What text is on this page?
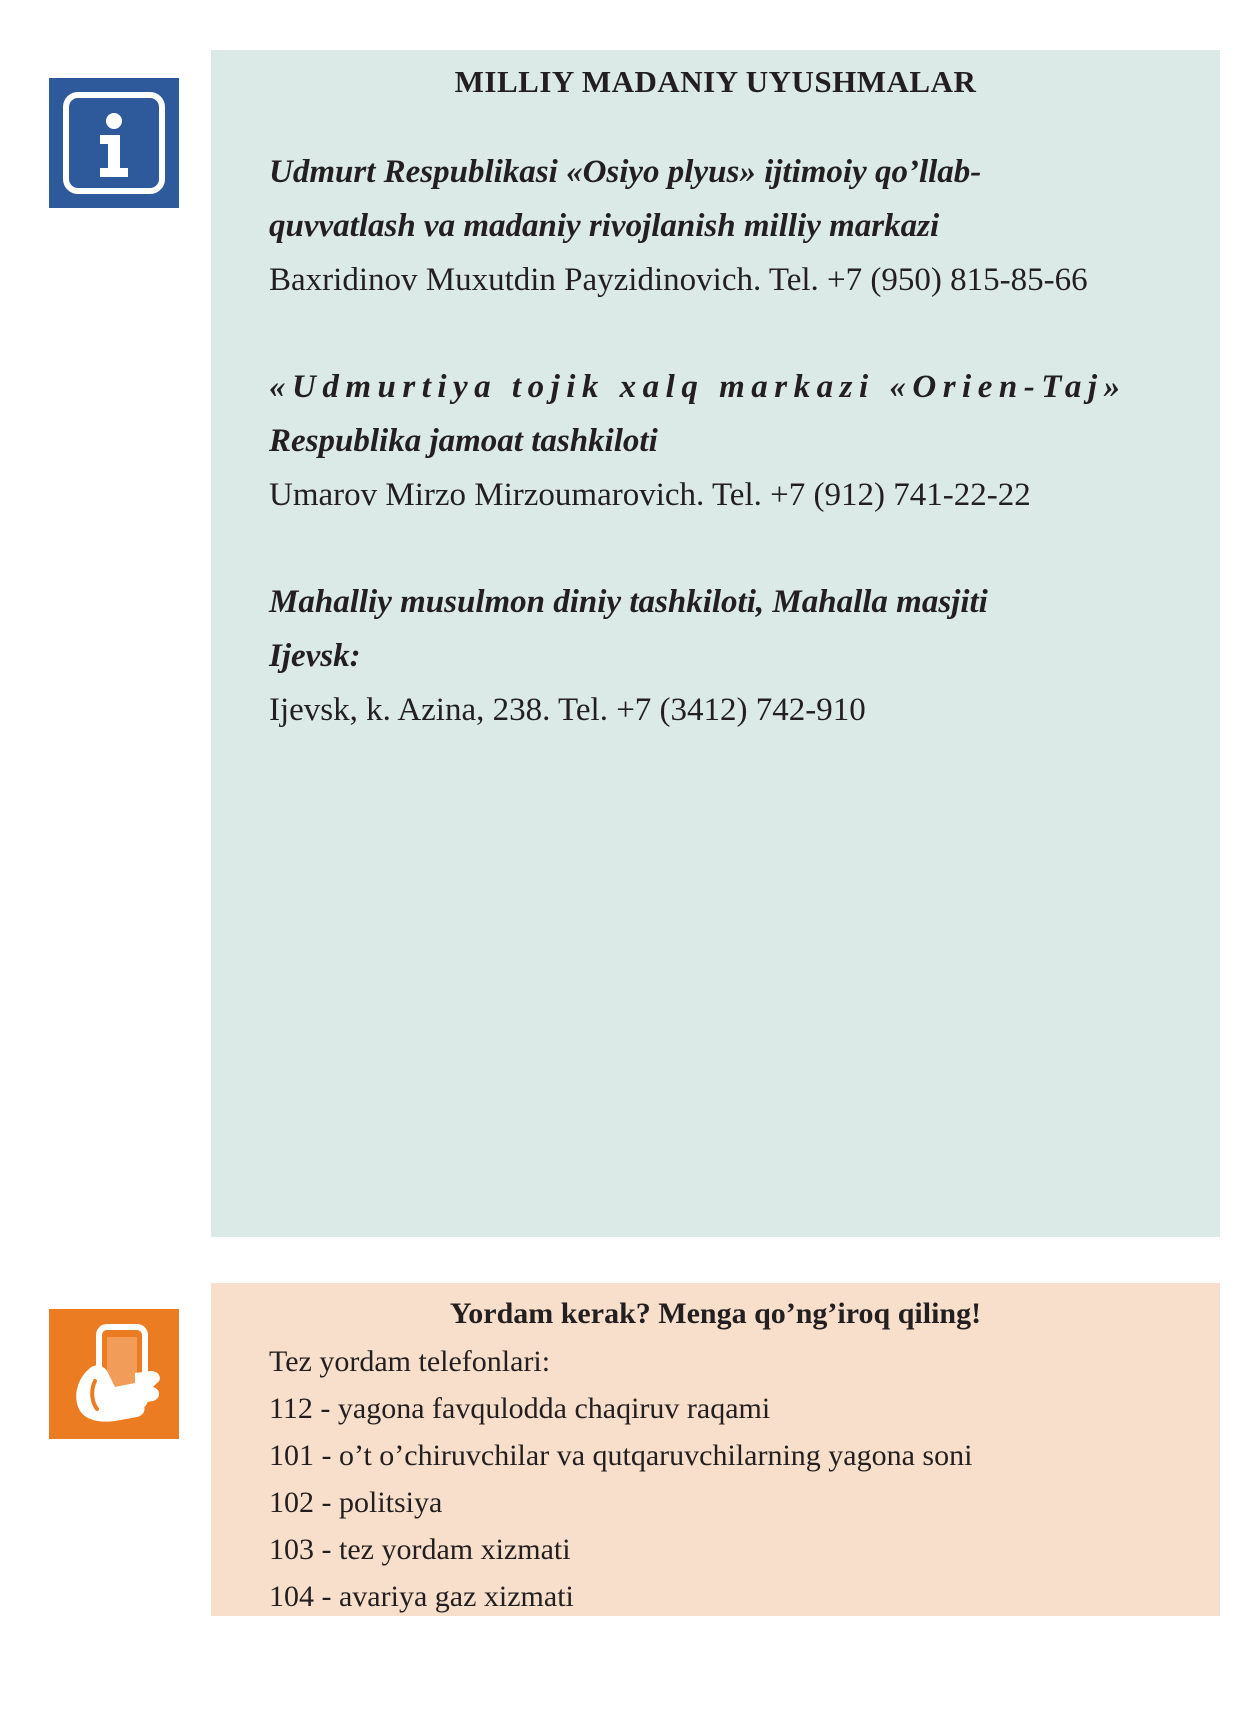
MILLIY MADANIY UYUSHMALAR

Udmurt Respublikasi «Osiyo plyus» ijtimoiy qo’llab-

quvvatlash va madaniy rivojlanish milliy markazi

Baxridinov Muxutdin Payzidinovich. Tel. +7 (950) 815-85-66

«Udmurtiya tojik xalq markazi «Orien-Taj»

Respublika jamoat tashkiloti

Umarov Mirzo Mirzoumarovich. Tel. +7 (912) 741-22-22

Mahalliy musulmon diniy tashkiloti, Mahalla masjiti

Ijevsk:

Ijevsk, k. Azina, 238. Tel. +7 (3412) 742-910

Yordam kerak? Menga qo’ng’iroq qiling!

Tez yordam telefonlari:

112 - yagona favqulodda chaqiruv raqami

101 - o’t o’chiruvchilar va qutqaruvchilarning yagona soni

102 - politsiya

103 - tez yordam xizmati

104 - avariya gaz xizmati
